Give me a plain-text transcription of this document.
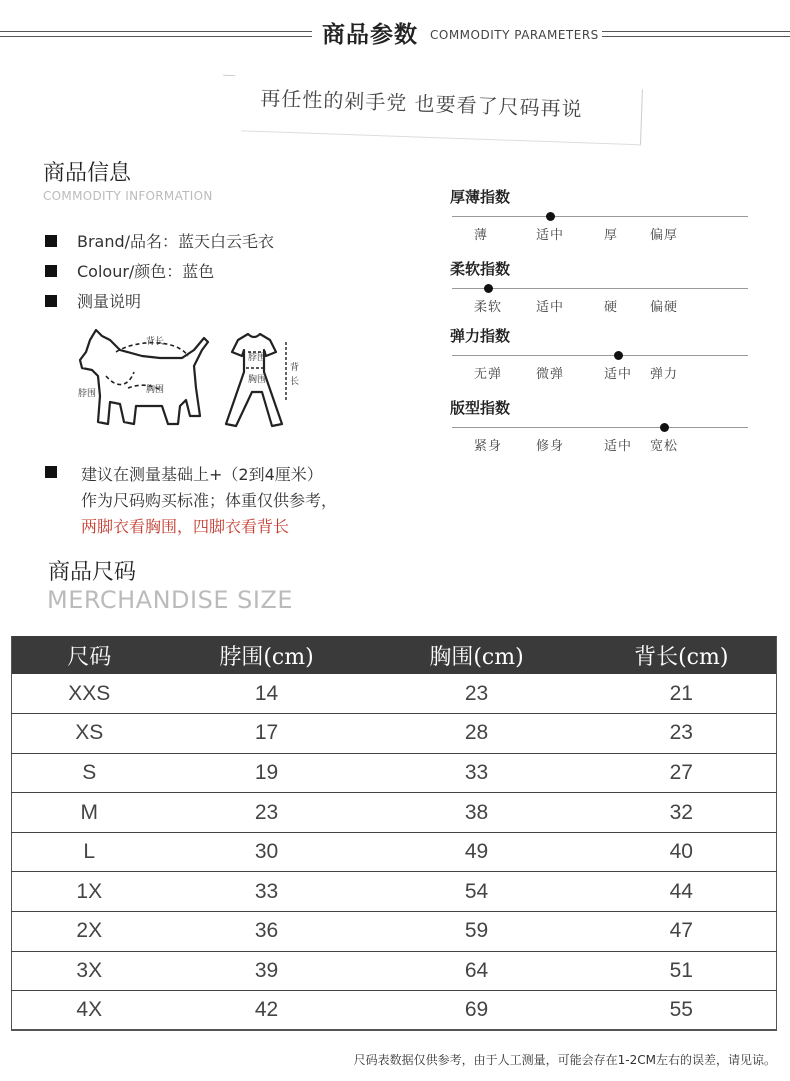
商品参数 COMMODITY PARAMETERS
再任性的剁手党 也要看了尺码再说
商品信息
COMMODITY INFORMATION
Brand/品名：蓝天白云毛衣
Colour/颜色：蓝色
测量说明
背长
脖围	胸围
脖围
胸围
背 长
建议在测量基础上+（2到4厘米）
作为尺码购买标准；体重仅供参考，
两脚衣看胸围，四脚衣看背长
厚薄指数
薄	适中	厚 偏厚
柔软指数
柔软	适中	硬 偏硬
弹力指数
无弹	微弹	适中 弹力
版型指数
紧身	修身	适中 宽松
商品尺码
MERCHANDISE SIZE
尺码	脖围(cm)	胸围(cm)	背长(cm)
XXS	14	23	21
XS	17	28	23
S	19	33	27
M	23	38	32
L	30	49	40
1X	33	54	44
2X	36	59	47
3X	39	64	51
4X	42	69	55
尺码表数据仅供参考，由于人工测量，可能会存在1-2CM左右的误差，请见谅。
